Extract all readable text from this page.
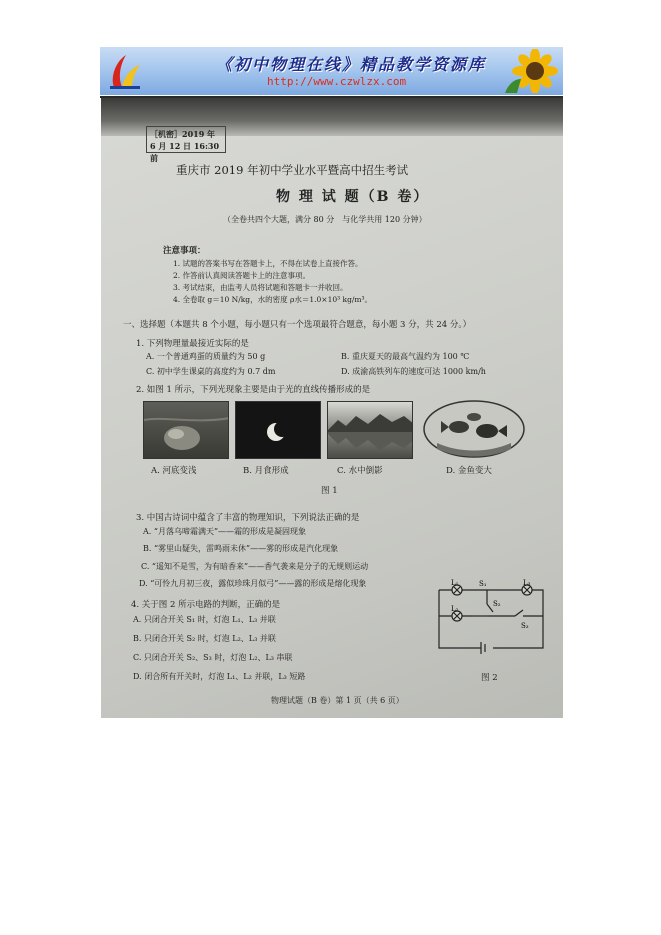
《初中物理在线》精品教学资源库
http://www.czwlzx.com
［机密］2019 年
6 月 12 日 16:30 前
重庆市 2019 年初中学业水平暨高中招生考试
物 理 试 题（B 卷）
（全卷共四个大题，满分 80 分　与化学共用 120 分钟）
注意事项：
1. 试题的答案书写在答题卡上，不得在试卷上直接作答。
2. 作答前认真阅读答题卡上的注意事项。
3. 考试结束，由监考人员将试题和答题卡一并收回。
4. 全卷取 g＝10 N/kg，水的密度 ρ水＝1.0×10³ kg/m³。
一、选择题（本题共 8 个小题，每小题只有一个选项最符合题意，每小题 3 分，共 24 分。）
1. 下列物理量最接近实际的是
A. 一个普通鸡蛋的质量约为 50 g	B. 重庆夏天的最高气温约为 100 ℃
C. 初中学生课桌的高度约为 0.7 dm	D. 成渝高铁列车的速度可达 1000 km/h
2. 如图 1 所示，下列光现象主要是由于光的直线传播形成的是
A. 河底变浅	B. 月食形成	C. 水中倒影	D. 金鱼变大
图 1
3. 中国古诗词中蕴含了丰富的物理知识，下列说法正确的是
A. “月落乌啼霜满天”——霜的形成是凝固现象
B. “雾里山疑失，雷鸣雨未休”——雾的形成是汽化现象
C. “遥知不是雪，为有暗香来”——香气袭来是分子的无规则运动
D. “可怜九月初三夜，露似珍珠月似弓”——露的形成是熔化现象
4. 关于图 2 所示电路的判断，正确的是
A. 只闭合开关 S₁ 时，灯泡 L₁、L₃ 并联
B. 只闭合开关 S₂ 时，灯泡 L₂、L₃ 并联
C. 只闭合开关 S₂、S₃ 时，灯泡 L₂、L₃ 串联
D. 闭合所有开关时，灯泡 L₁、L₂ 并联，L₃ 短路
L₁
L₂
L₃
S₁
S₂
S₃
图 2
物理试题（B 卷）第 1 页（共 6 页）
